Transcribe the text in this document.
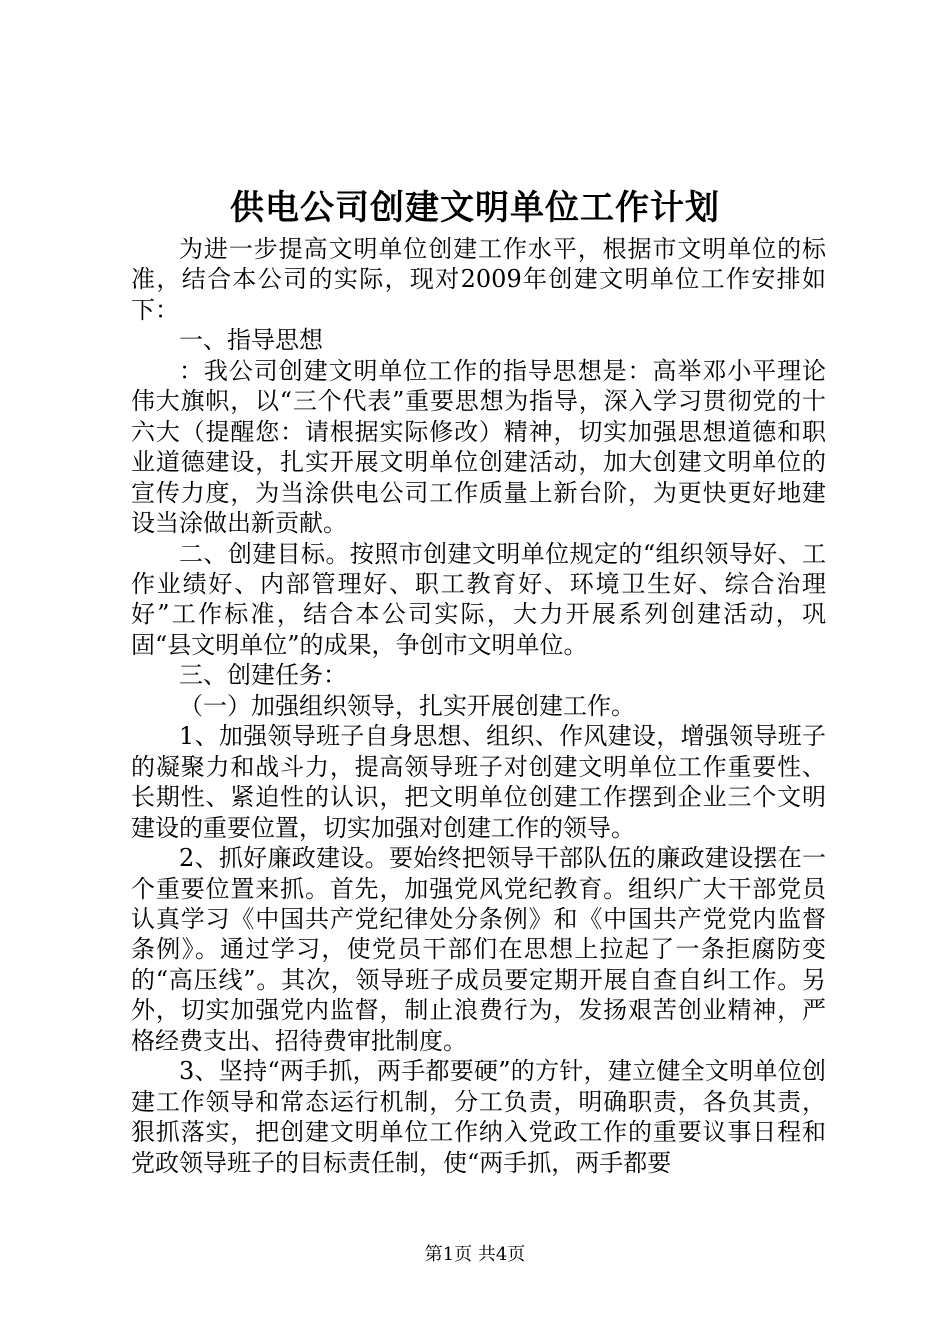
供电公司创建文明单位工作计划

为进一步提高文明单位创建工作水平，根据市文明单位的标准，结合本公司的实际，现对2009年创建文明单位工作安排如下：

一、指导思想

：我公司创建文明单位工作的指导思想是：高举邓小平理论伟大旗帜，以“三个代表”重要思想为指导，深入学习贯彻党的十六大（提醒您：请根据实际修改）精神，切实加强思想道德和职业道德建设，扎实开展文明单位创建活动，加大创建文明单位的宣传力度，为当涂供电公司工作质量上新台阶，为更快更好地建设当涂做出新贡献。

二、创建目标。按照市创建文明单位规定的“组织领导好、工作业绩好、内部管理好、职工教育好、环境卫生好、综合治理好”工作标准，结合本公司实际，大力开展系列创建活动，巩固“县文明单位”的成果，争创市文明单位。

三、创建任务：

（一）加强组织领导，扎实开展创建工作。

1、加强领导班子自身思想、组织、作风建设，增强领导班子的凝聚力和战斗力，提高领导班子对创建文明单位工作重要性、长期性、紧迫性的认识，把文明单位创建工作摆到企业三个文明建设的重要位置，切实加强对创建工作的领导。

2、抓好廉政建设。要始终把领导干部队伍的廉政建设摆在一个重要位置来抓。首先，加强党风党纪教育。组织广大干部党员认真学习《中国共产党纪律处分条例》和《中国共产党党内监督条例》。通过学习，使党员干部们在思想上拉起了一条拒腐防变的“高压线”。其次，领导班子成员要定期开展自查自纠工作。另外，切实加强党内监督，制止浪费行为，发扬艰苦创业精神，严格经费支出、招待费审批制度。

3、坚持“两手抓，两手都要硬”的方针，建立健全文明单位创建工作领导和常态运行机制，分工负责，明确职责，各负其责，狠抓落实，把创建文明单位工作纳入党政工作的重要议事日程和党政领导班子的目标责任制，使“两手抓，两手都要

第1页 共4页
